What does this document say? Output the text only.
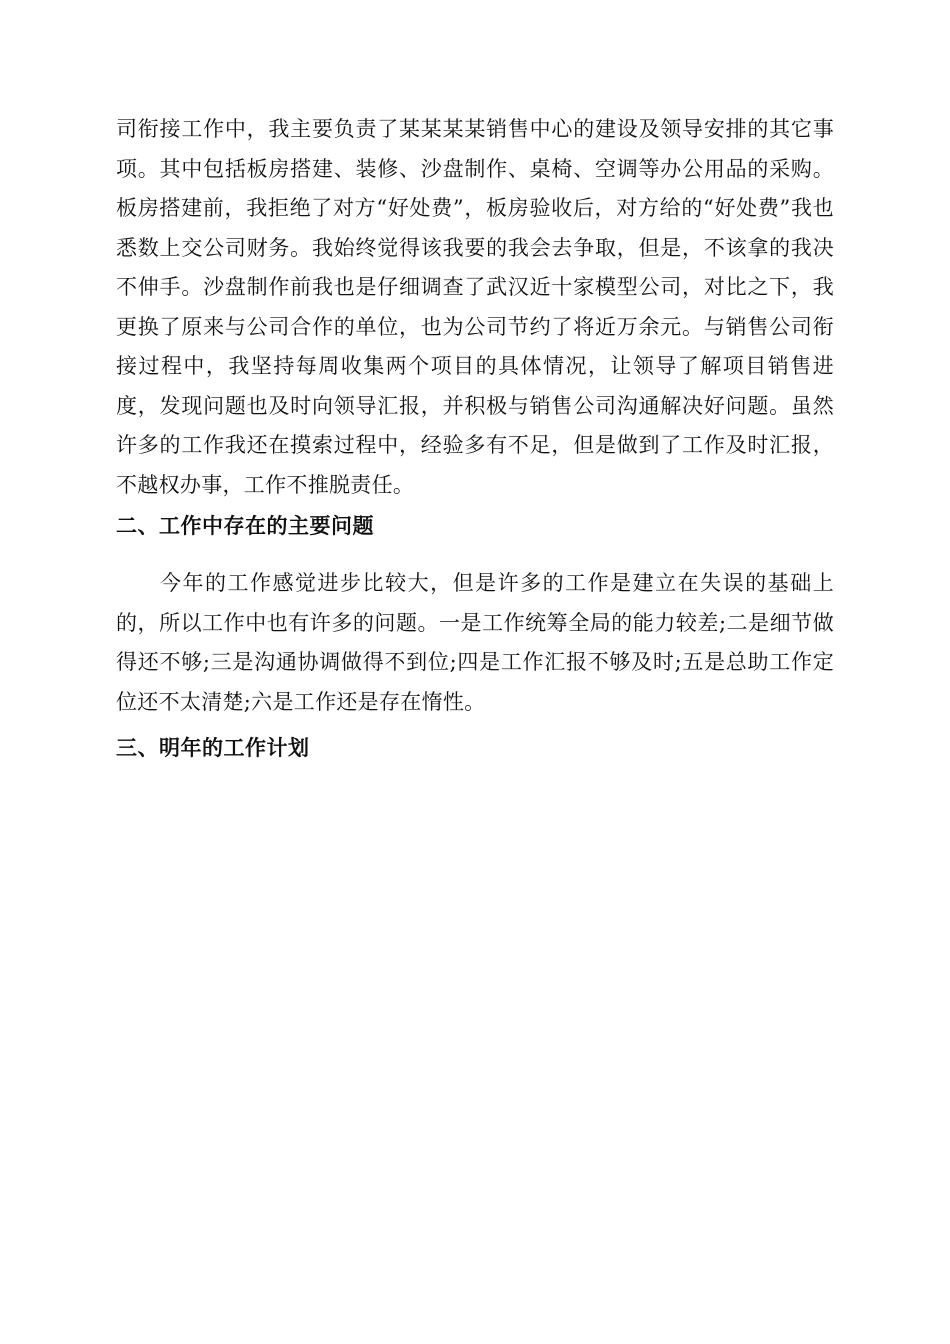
司衔接工作中，我主要负责了某某某某销售中心的建设及领导安排的其它事项。其中包括板房搭建、装修、沙盘制作、桌椅、空调等办公用品的采购。板房搭建前，我拒绝了对方“好处费”，板房验收后，对方给的“好处费”我也悉数上交公司财务。我始终觉得该我要的我会去争取，但是，不该拿的我决不伸手。沙盘制作前我也是仔细调查了武汉近十家模型公司，对比之下，我更换了原来与公司合作的单位，也为公司节约了将近万余元。与销售公司衔接过程中，我坚持每周收集两个项目的具体情况，让领导了解项目销售进度，发现问题也及时向领导汇报，并积极与销售公司沟通解决好问题。虽然许多的工作我还在摸索过程中，经验多有不足，但是做到了工作及时汇报，不越权办事，工作不推脱责任。

二、工作中存在的主要问题

今年的工作感觉进步比较大，但是许多的工作是建立在失误的基础上的，所以工作中也有许多的问题。一是工作统筹全局的能力较差;二是细节做得还不够;三是沟通协调做得不到位;四是工作汇报不够及时;五是总助工作定位还不太清楚;六是工作还是存在惰性。

三、明年的工作计划
